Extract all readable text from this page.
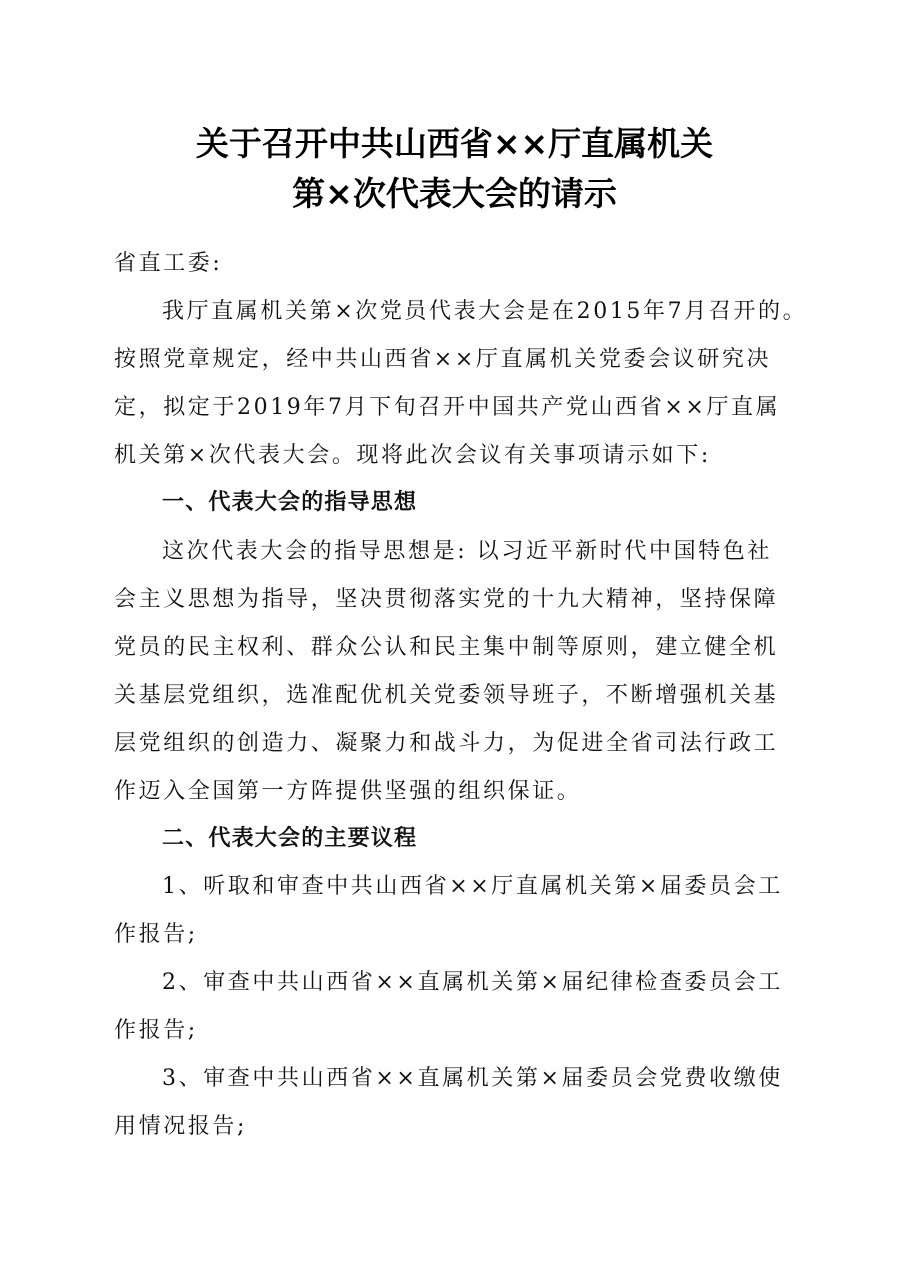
关于召开中共山西省××厅直属机关
第×次代表大会的请示

省直工委:

我厅直属机关第×次党员代表大会是在2015年7月召开的。

按照党章规定，经中共山西省××厅直属机关党委会议研究决

定，拟定于2019年7月下旬召开中国共产党山西省××厅直属

机关第×次代表大会。现将此次会议有关事项请示如下:

一、代表大会的指导思想

这次代表大会的指导思想是: 以习近平新时代中国特色社

会主义思想为指导，坚决贯彻落实党的十九大精神，坚持保障

党员的民主权利、群众公认和民主集中制等原则，建立健全机

关基层党组织，选准配优机关党委领导班子，不断增强机关基

层党组织的创造力、凝聚力和战斗力，为促进全省司法行政工

作迈入全国第一方阵提供坚强的组织保证。

二、代表大会的主要议程

1、听取和审查中共山西省××厅直属机关第×届委员会工

作报告;

2、审查中共山西省××直属机关第×届纪律检查委员会工

作报告;

3、审查中共山西省××直属机关第×届委员会党费收缴使

用情况报告;
